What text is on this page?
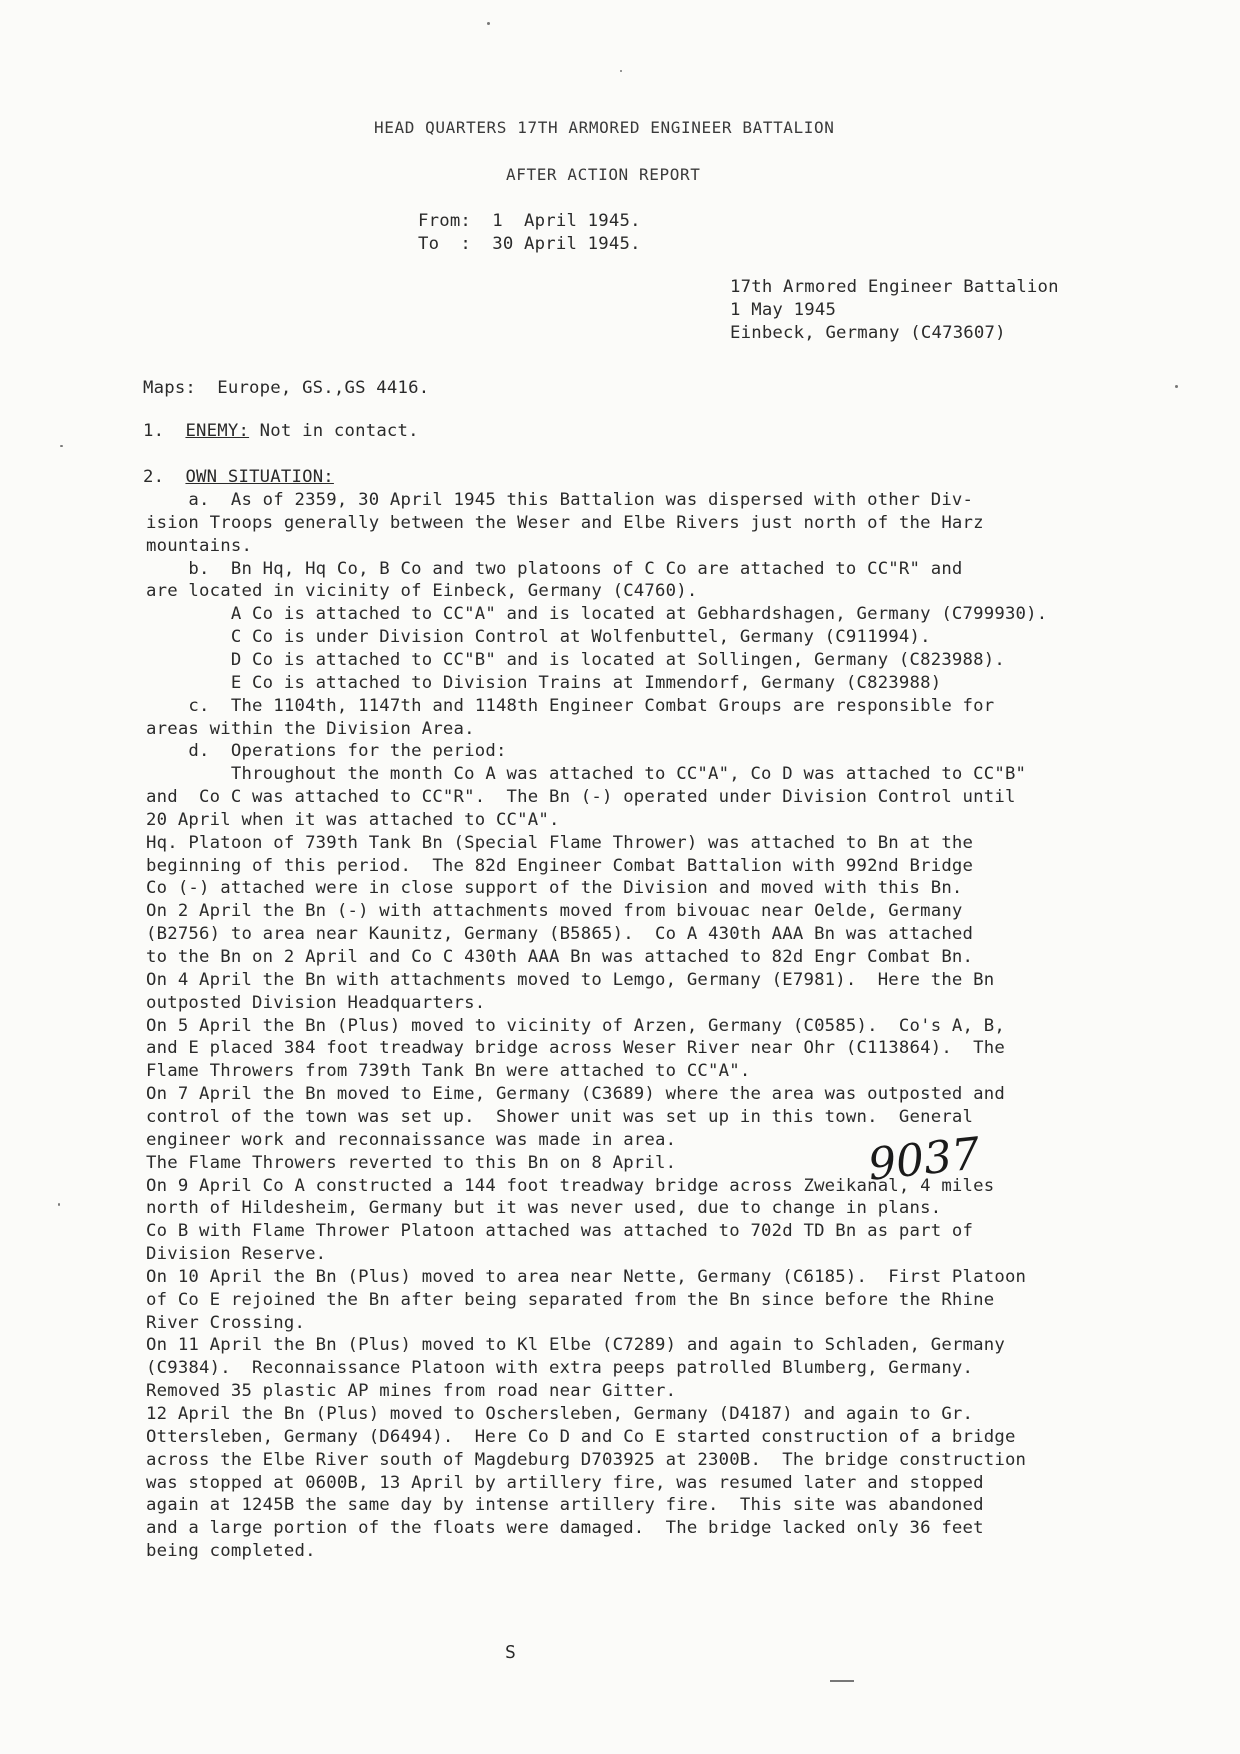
HEAD QUARTERS 17TH ARMORED ENGINEER BATTALION
AFTER ACTION REPORT
From:  1  April 1945.
To  :  30 April 1945.
17th Armored Engineer Battalion
1 May 1945
Einbeck, Germany (C473607)
Maps:  Europe, GS.,GS 4416.
1. ENEMY: Not in contact.
2. OWN SITUATION:
a.  As of 2359, 30 April 1945 this Battalion was dispersed with other Div-
ision Troops generally between the Weser and Elbe Rivers just north of the Harz
mountains.
b.  Bn Hq, Hq Co, B Co and two platoons of C Co are attached to CC"R" and
are located in vicinity of Einbeck, Germany (C4760).
A Co is attached to CC"A" and is located at Gebhardshagen, Germany (C799930).
C Co is under Division Control at Wolfenbuttel, Germany (C911994).
D Co is attached to CC"B" and is located at Sollingen, Germany (C823988).
E Co is attached to Division Trains at Immendorf, Germany (C823988)
c.  The 1104th, 1147th and 1148th Engineer Combat Groups are responsible for
areas within the Division Area.
d.  Operations for the period:
Throughout the month Co A was attached to CC"A", Co D was attached to CC"B"
and  Co C was attached to CC"R".  The Bn (-) operated under Division Control until
20 April when it was attached to CC"A".
Hq. Platoon of 739th Tank Bn (Special Flame Thrower) was attached to Bn at the
beginning of this period.  The 82d Engineer Combat Battalion with 992nd Bridge
Co (-) attached were in close support of the Division and moved with this Bn.
On 2 April the Bn (-) with attachments moved from bivouac near Oelde, Germany
(B2756) to area near Kaunitz, Germany (B5865).  Co A 430th AAA Bn was attached
to the Bn on 2 April and Co C 430th AAA Bn was attached to 82d Engr Combat Bn.
On 4 April the Bn with attachments moved to Lemgo, Germany (E7981).  Here the Bn
outposted Division Headquarters.
On 5 April the Bn (Plus) moved to vicinity of Arzen, Germany (C0585).  Co's A, B,
and E placed 384 foot treadway bridge across Weser River near Ohr (C113864).  The
Flame Throwers from 739th Tank Bn were attached to CC"A".
On 7 April the Bn moved to Eime, Germany (C3689) where the area was outposted and
control of the town was set up.  Shower unit was set up in this town.  General
engineer work and reconnaissance was made in area.
The Flame Throwers reverted to this Bn on 8 April.
On 9 April Co A constructed a 144 foot treadway bridge across Zweikanal, 4 miles
north of Hildesheim, Germany but it was never used, due to change in plans.
Co B with Flame Thrower Platoon attached was attached to 702d TD Bn as part of
Division Reserve.
On 10 April the Bn (Plus) moved to area near Nette, Germany (C6185).  First Platoon
of Co E rejoined the Bn after being separated from the Bn since before the Rhine
River Crossing.
On 11 April the Bn (Plus) moved to Kl Elbe (C7289) and again to Schladen, Germany
(C9384).  Reconnaissance Platoon with extra peeps patrolled Blumberg, Germany.
Removed 35 plastic AP mines from road near Gitter.
12 April the Bn (Plus) moved to Oschersleben, Germany (D4187) and again to Gr.
Ottersleben, Germany (D6494).  Here Co D and Co E started construction of a bridge
across the Elbe River south of Magdeburg D703925 at 2300B.  The bridge construction
was stopped at 0600B, 13 April by artillery fire, was resumed later and stopped
again at 1245B the same day by intense artillery fire.  This site was abandoned
and a large portion of the floats were damaged.  The bridge lacked only 36 feet
being completed.
9037
S
